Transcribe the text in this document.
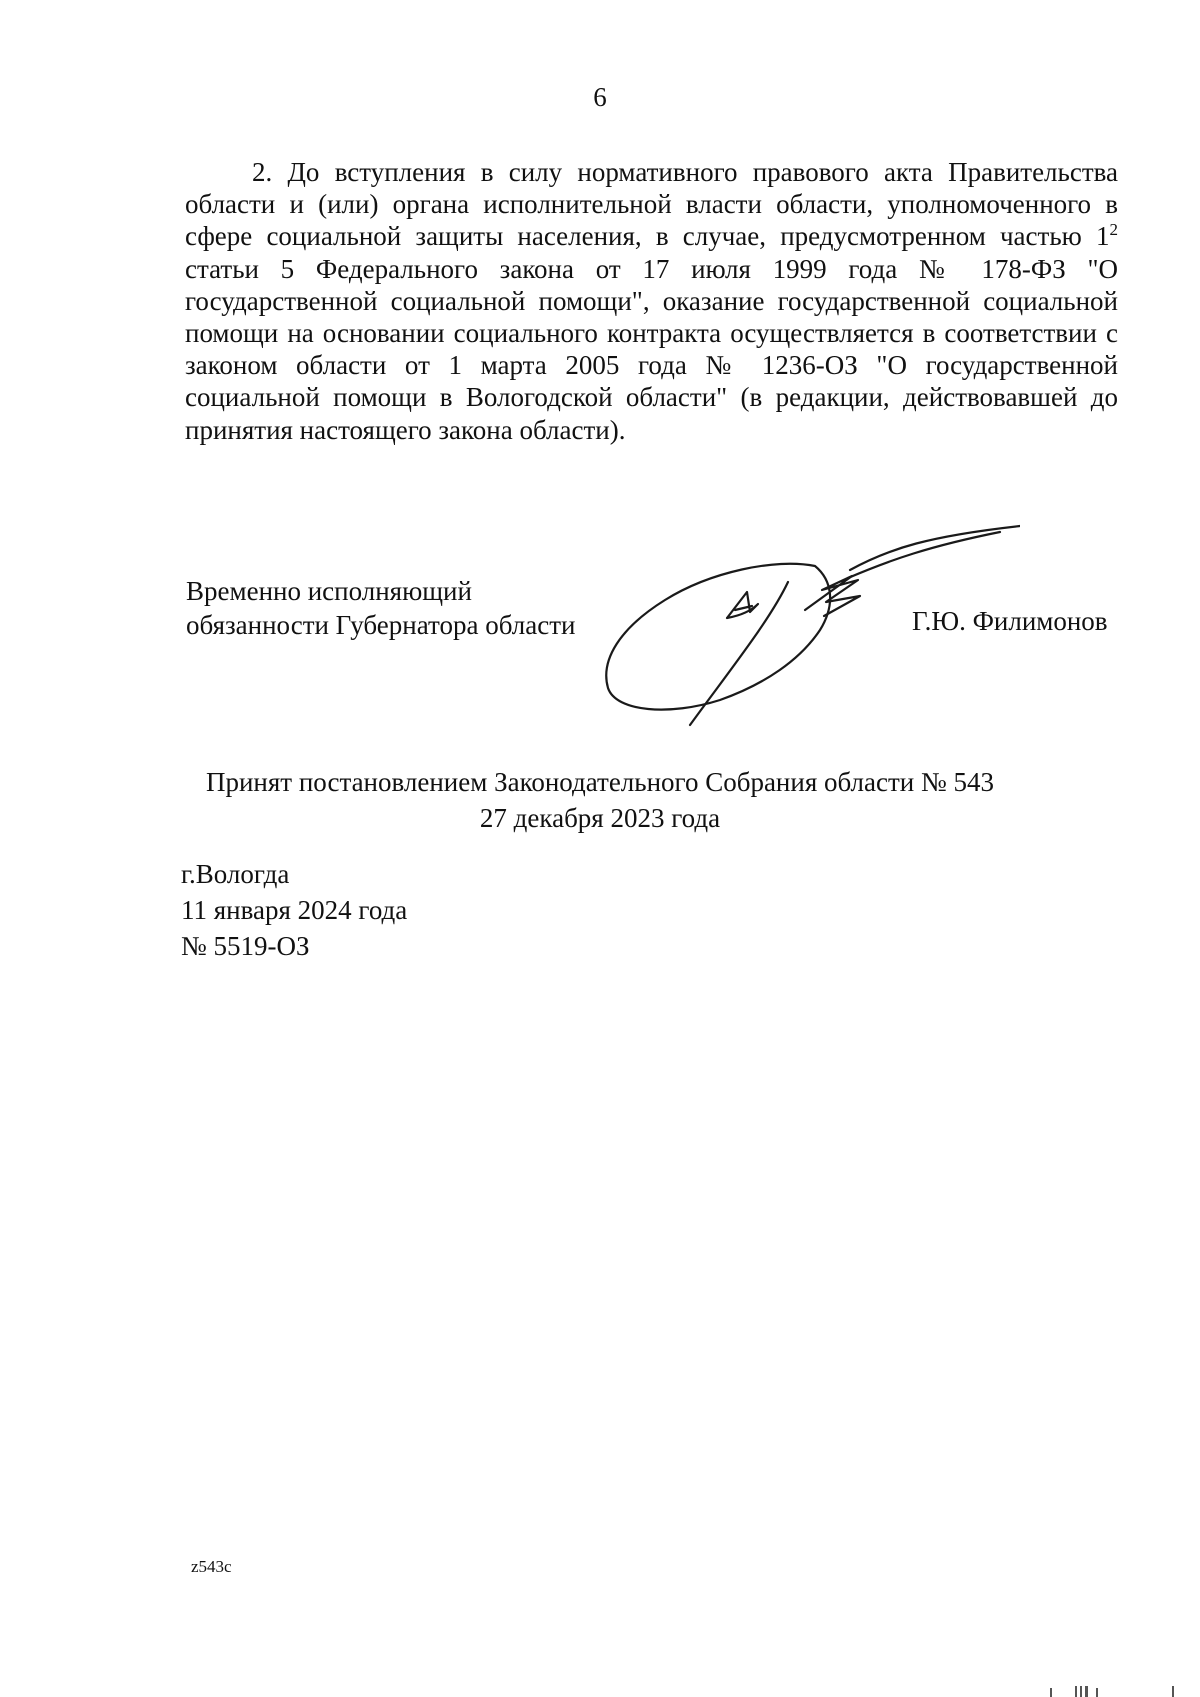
6

2. До вступления в силу нормативного правового акта Правительства области и (или) органа исполнительной власти области, уполномоченного в сфере социальной защиты населения, в случае, предусмотренном частью $1^2$ статьи 5 Федерального закона от 17 июля 1999 года № 178-ФЗ "О государственной социальной помощи", оказание государственной социальной помощи на основании социального контракта осуществляется в соответствии с законом области от 1 марта 2005 года № 1236-ОЗ "О государственной социальной помощи в Вологодской области" (в редакции, действовавшей до принятия настоящего закона области).

Временно исполняющий
обязанности Губернатора области	Г.Ю. Филимонов
Принят постановлением Законодательного Собрания области № 543
27 декабря 2023 года
г.Вологда
11 января 2024 года
№ 5519-ОЗ
z543c
